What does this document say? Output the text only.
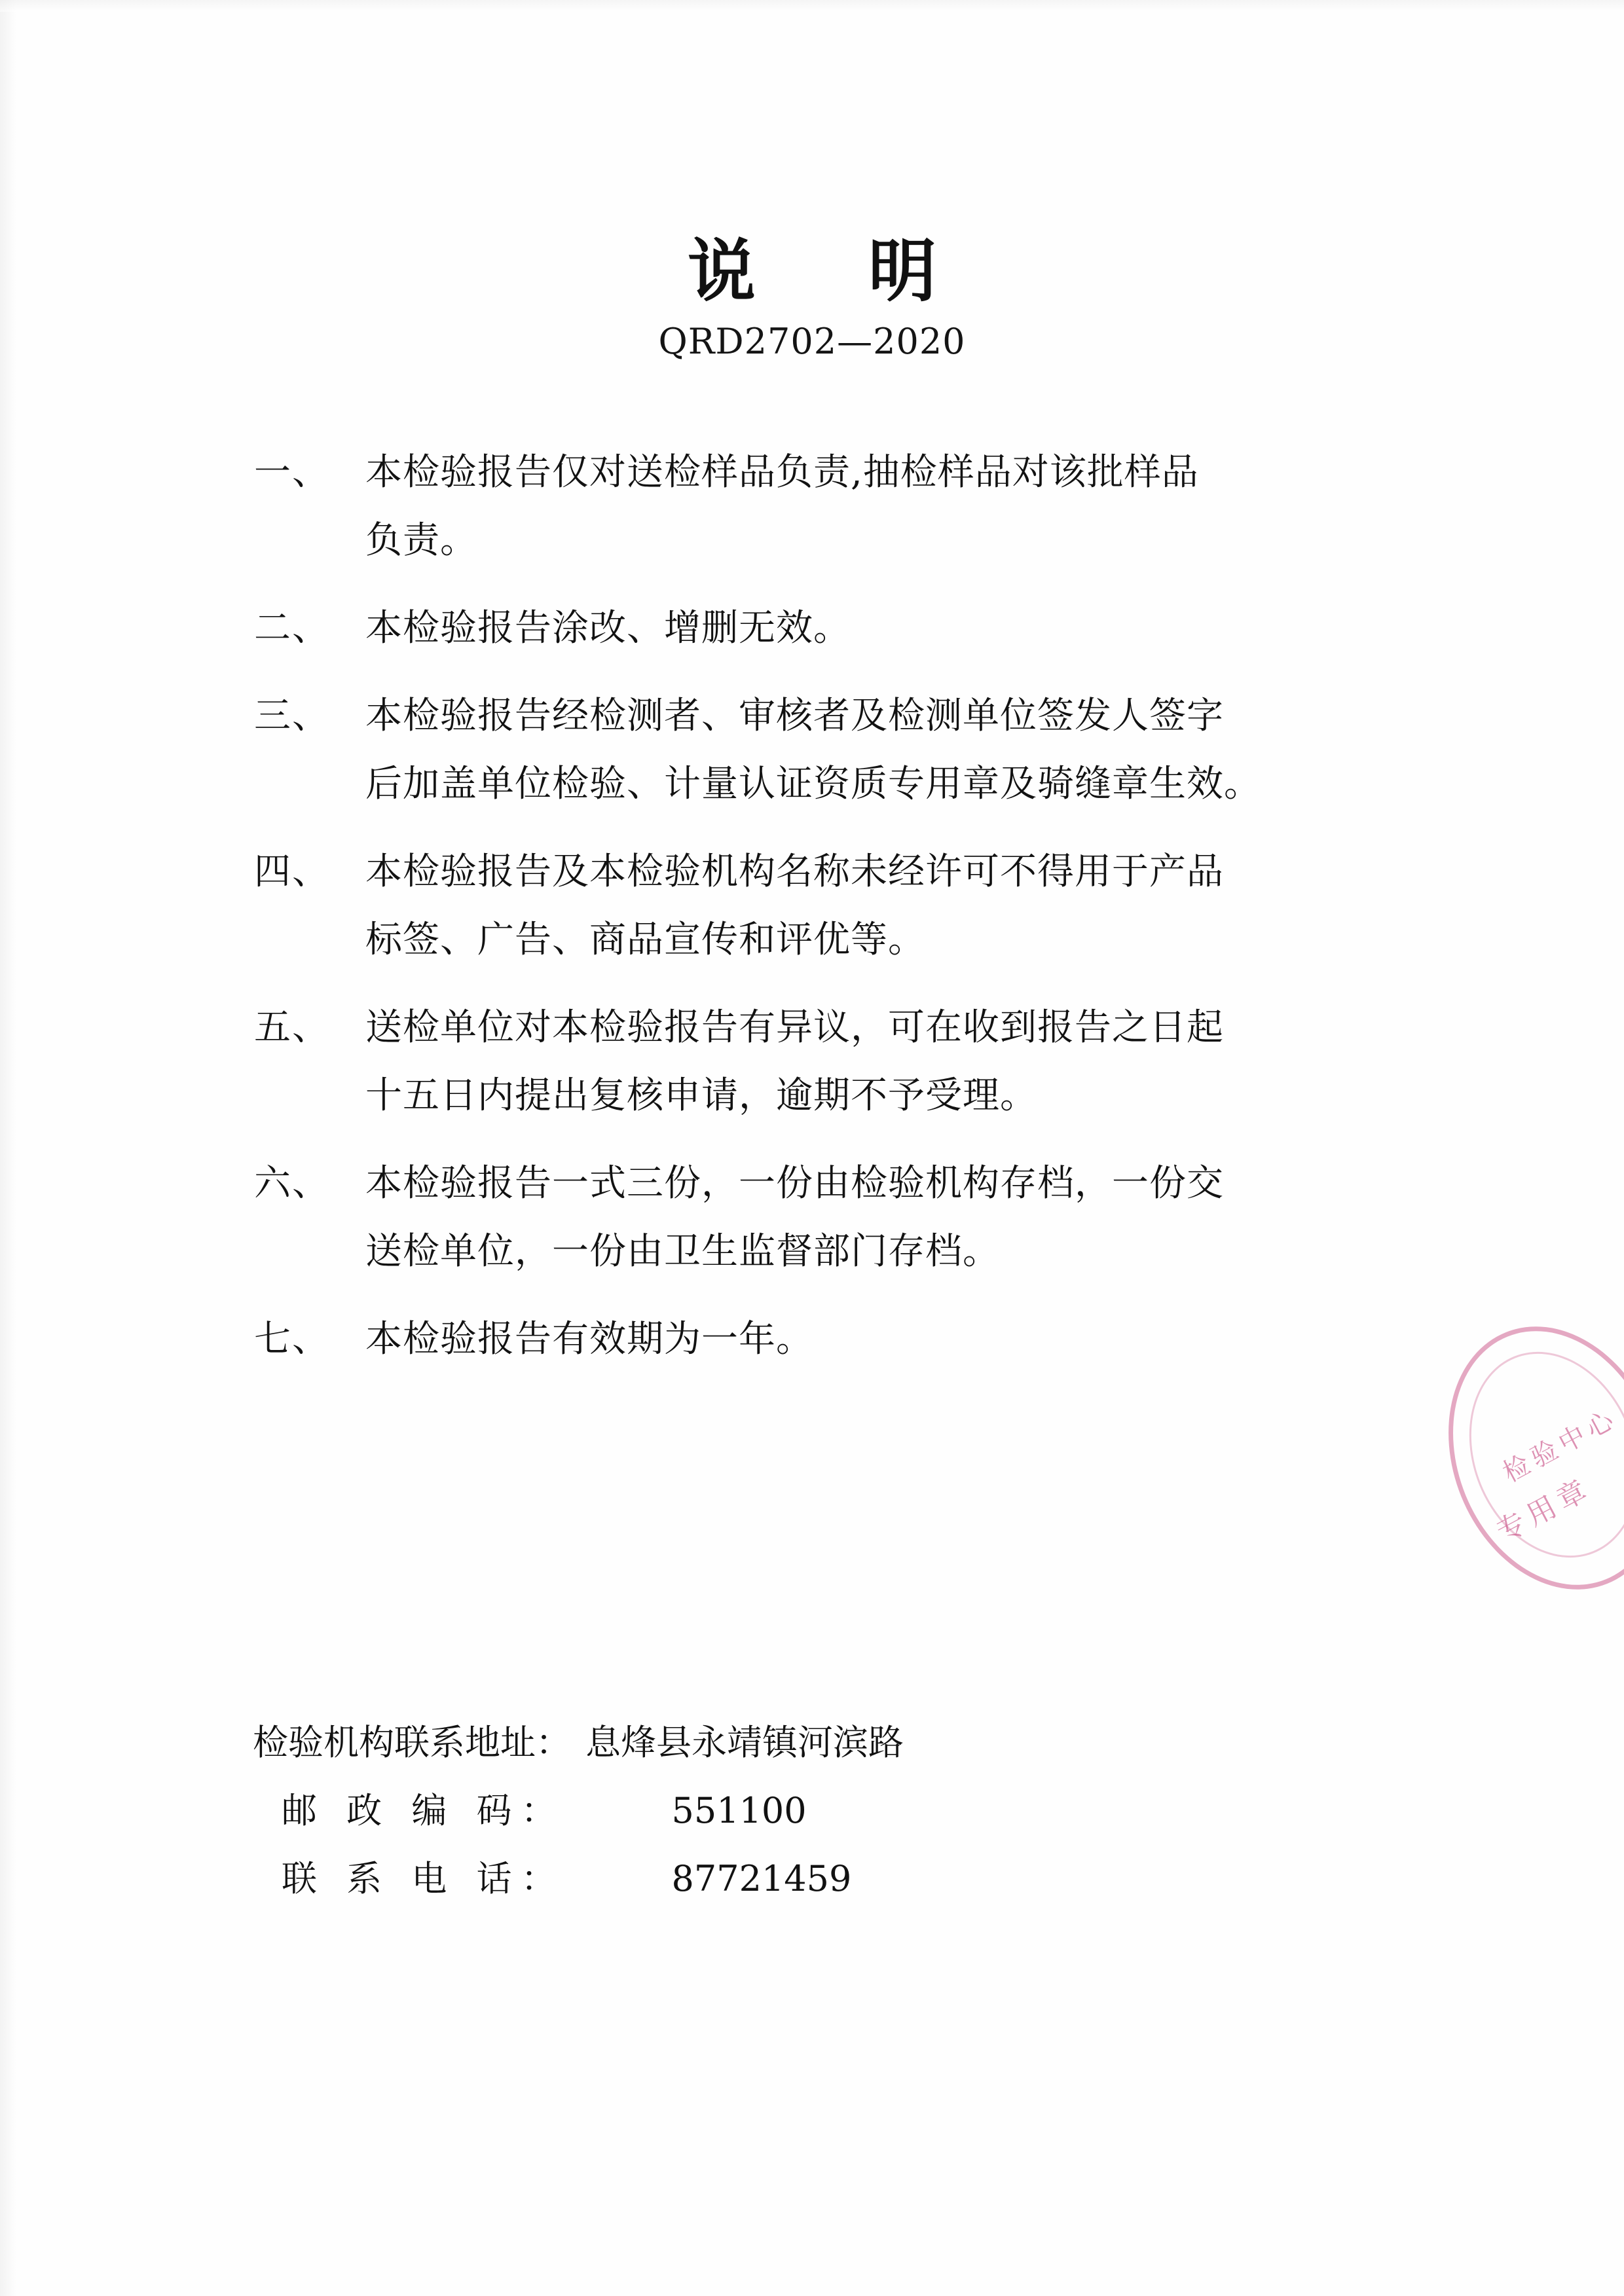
说　明
QRD2702—2020
一、 本检验报告仅对送检样品负责,抽检样品对该批样品
负责。
二、 本检验报告涂改、增删无效。
三、 本检验报告经检测者、审核者及检测单位签发人签字
后加盖单位检验、计量认证资质专用章及骑缝章生效。
四、 本检验报告及本检验机构名称未经许可不得用于产品
标签、广告、商品宣传和评优等。
五、 送检单位对本检验报告有异议，可在收到报告之日起
十五日内提出复核申请，逾期不予受理。
六、 本检验报告一式三份，一份由检验机构存档，一份交
送检单位，一份由卫生监督部门存档。
七、 本检验报告有效期为一年。
检验机构联系地址： 息烽县永靖镇河滨路
邮 政 编 码：	551100
联 系 电 话：	87721459
检验中心
专用章
